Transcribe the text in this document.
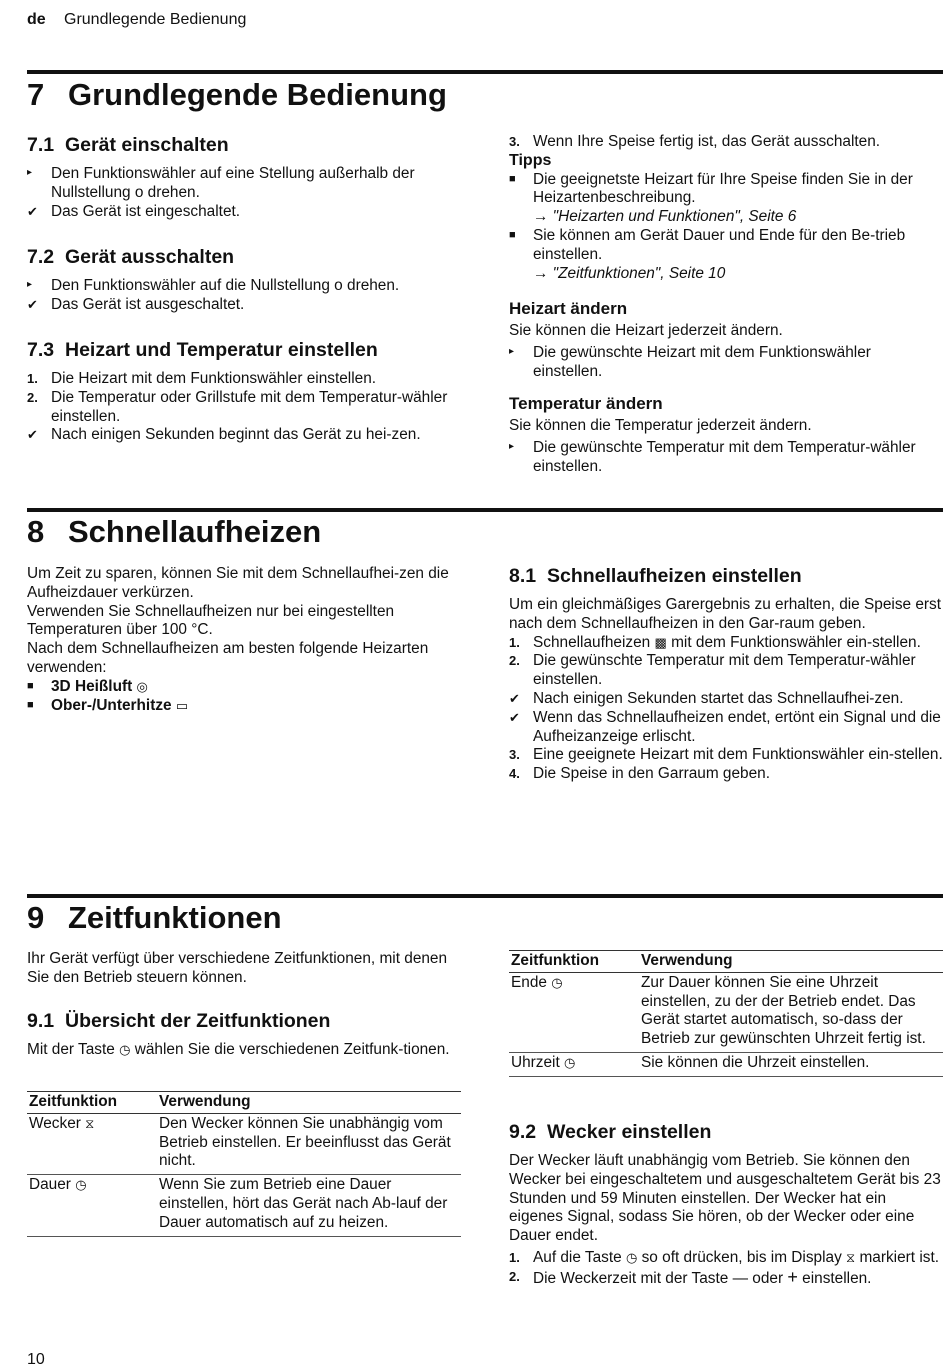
de Grundlegende Bedienung
7 Grundlegende Bedienung
7.1 Gerät einschalten
▸	Den Funktionswähler auf eine Stellung außerhalb der Nullstellung o drehen.
✔ Das Gerät ist eingeschaltet.
7.2 Gerät ausschalten
▸	Den Funktionswähler auf die Nullstellung o drehen.
✔ Das Gerät ist ausgeschaltet.
7.3 Heizart und Temperatur einstellen
1. Die Heizart mit dem Funktionswähler einstellen.
2. Die Temperatur oder Grillstufe mit dem Temperatur-wähler einstellen.
✔ Nach einigen Sekunden beginnt das Gerät zu hei-zen.
3. Wenn Ihre Speise fertig ist, das Gerät ausschalten.
Tipps
■	Die geeignetste Heizart für Ihre Speise finden Sie in der Heizartenbeschreibung.
→ "Heizarten und Funktionen", Seite 6
■	Sie können am Gerät Dauer und Ende für den Be-trieb einstellen.
→ "Zeitfunktionen", Seite 10
Heizart ändern
Sie können die Heizart jederzeit ändern.
▸	Die gewünschte Heizart mit dem Funktionswähler einstellen.
Temperatur ändern
Sie können die Temperatur jederzeit ändern.
▸	Die gewünschte Temperatur mit dem Temperatur-wähler einstellen.
8 Schnellaufheizen
Um Zeit zu sparen, können Sie mit dem Schnellaufhei-zen die Aufheizdauer verkürzen.
Verwenden Sie Schnellaufheizen nur bei eingestellten Temperaturen über 100 °C.
Nach dem Schnellaufheizen am besten folgende Heizarten verwenden:
■	3D Heißluft ◎
■	Ober-/Unterhitze ▭
8.1 Schnellaufheizen einstellen
Um ein gleichmäßiges Garergebnis zu erhalten, die Speise erst nach dem Schnellaufheizen in den Gar-raum geben.
1. Schnellaufheizen ▩ mit dem Funktionswähler ein-stellen.
2. Die gewünschte Temperatur mit dem Temperatur-wähler einstellen.
✔ Nach einigen Sekunden startet das Schnellaufhei-zen.
✔ Wenn das Schnellaufheizen endet, ertönt ein Signal und die Aufheizanzeige erlischt.
3. Eine geeignete Heizart mit dem Funktionswähler ein-stellen.
4. Die Speise in den Garraum geben.
9 Zeitfunktionen
Ihr Gerät verfügt über verschiedene Zeitfunktionen, mit denen Sie den Betrieb steuern können.
9.1 Übersicht der Zeitfunktionen
Mit der Taste ◷ wählen Sie die verschiedenen Zeitfunk-tionen.
Zeitfunktion	Verwendung
Wecker ⧖	Den Wecker können Sie unabhängig vom Betrieb einstellen. Er beeinflusst das Gerät nicht.
Dauer ◷	Wenn Sie zum Betrieb eine Dauer einstellen, hört das Gerät nach Ab-lauf der Dauer automatisch auf zu heizen.
Zeitfunktion	Verwendung
Ende ◷	Zur Dauer können Sie eine Uhrzeit einstellen, zu der der Betrieb endet. Das Gerät startet automatisch, so-dass der Betrieb zur gewünschten Uhrzeit fertig ist.
Uhrzeit ◷	Sie können die Uhrzeit einstellen.
9.2 Wecker einstellen
Der Wecker läuft unabhängig vom Betrieb. Sie können den Wecker bei eingeschaltetem und ausgeschaltetem Gerät bis 23 Stunden und 59 Minuten einstellen. Der Wecker hat ein eigenes Signal, sodass Sie hören, ob der Wecker oder eine Dauer endet.
1. Auf die Taste ◷ so oft drücken, bis im Display ⧖ markiert ist.
2. Die Weckerzeit mit der Taste — oder + einstellen.
10
